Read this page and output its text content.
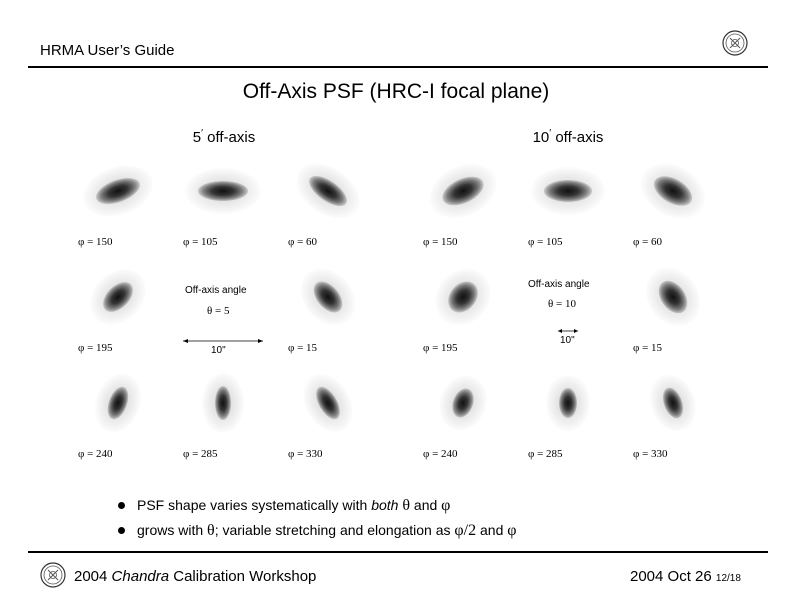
HRMA User’s Guide
Off-Axis PSF (HRC-I focal plane)
5′ off-axis	10′ off-axis
φ = 150	φ = 105	φ = 60
φ = 195	φ = 15
φ = 240	φ = 285	φ = 330
φ = 150	φ = 105	φ = 60
φ = 195	φ = 15
φ = 240	φ = 285	φ = 330
Off-axis angle
θ = 5
10"
Off-axis angle
θ = 10
10"
PSF shape varies systematically with both θ and φ
grows with θ; variable stretching and elongation as φ/2 and φ
2004 Chandra Calibration Workshop	2004 Oct 26 12/18
